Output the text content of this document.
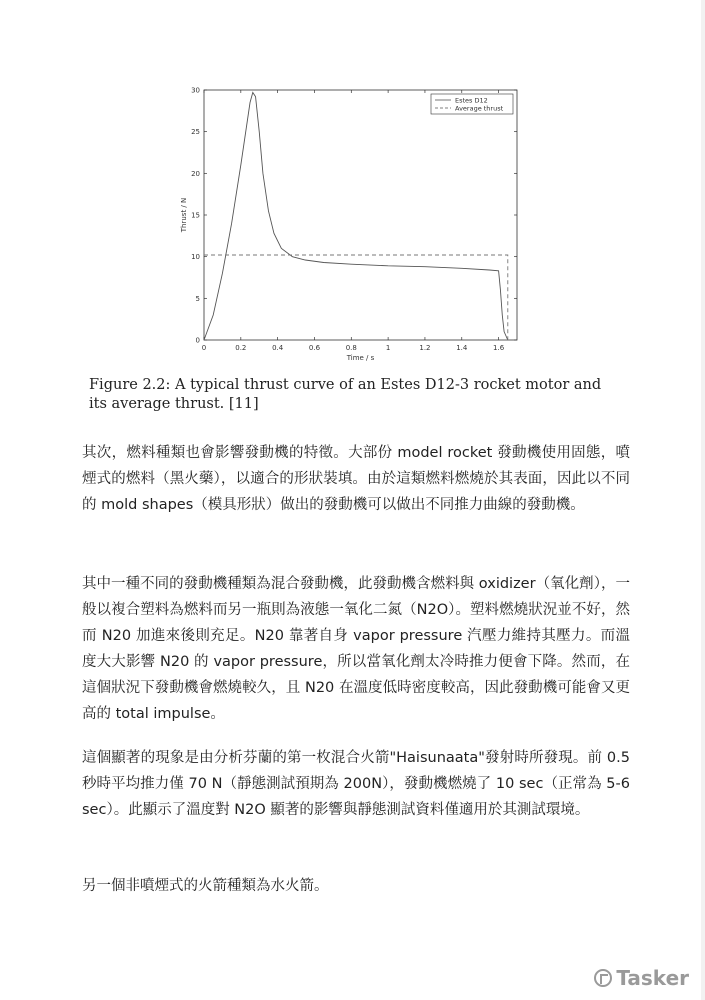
0	0.2	0.4	0.6	0.8	1	1.2	1.4	1.6
0
5
10
15
20
25
30
Time / s
Thrust / N
Estes D12
Average thrust
Figure 2.2: A typical thrust curve of an Estes D12-3 rocket motor and its average thrust. [11]

其次，燃料種類也會影響發動機的特徵。大部份 model rocket 發動機使用固態，噴煙式的燃料（黑火藥），以適合的形狀裝填。由於這類燃料燃燒於其表面，因此以不同的 mold shapes（模具形狀）做出的發動機可以做出不同推力曲線的發動機。

其中一種不同的發動機種類為混合發動機，此發動機含燃料與 oxidizer（氧化劑），一般以複合塑料為燃料而另一瓶則為液態一氧化二氮（N2O）。塑料燃燒狀況並不好，然而 N20 加進來後則充足。N20 靠著自身 vapor pressure 汽壓力維持其壓力。而溫度大大影響 N20 的 vapor pressure，所以當氧化劑太冷時推力便會下降。然而，在這個狀況下發動機會燃燒較久，且 N20 在溫度低時密度較高，因此發動機可能會又更高的 total impulse。

這個顯著的現象是由分析芬蘭的第一枚混合火箭"Haisunaata"發射時所發現。前 0.5 秒時平均推力僅 70 N（靜態測試預期為 200N），發動機燃燒了 10 sec（正常為 5-6 sec）。此顯示了溫度對 N2O 顯著的影響與靜態測試資料僅適用於其測試環境。

另一個非噴煙式的火箭種類為水火箭。

Tasker
